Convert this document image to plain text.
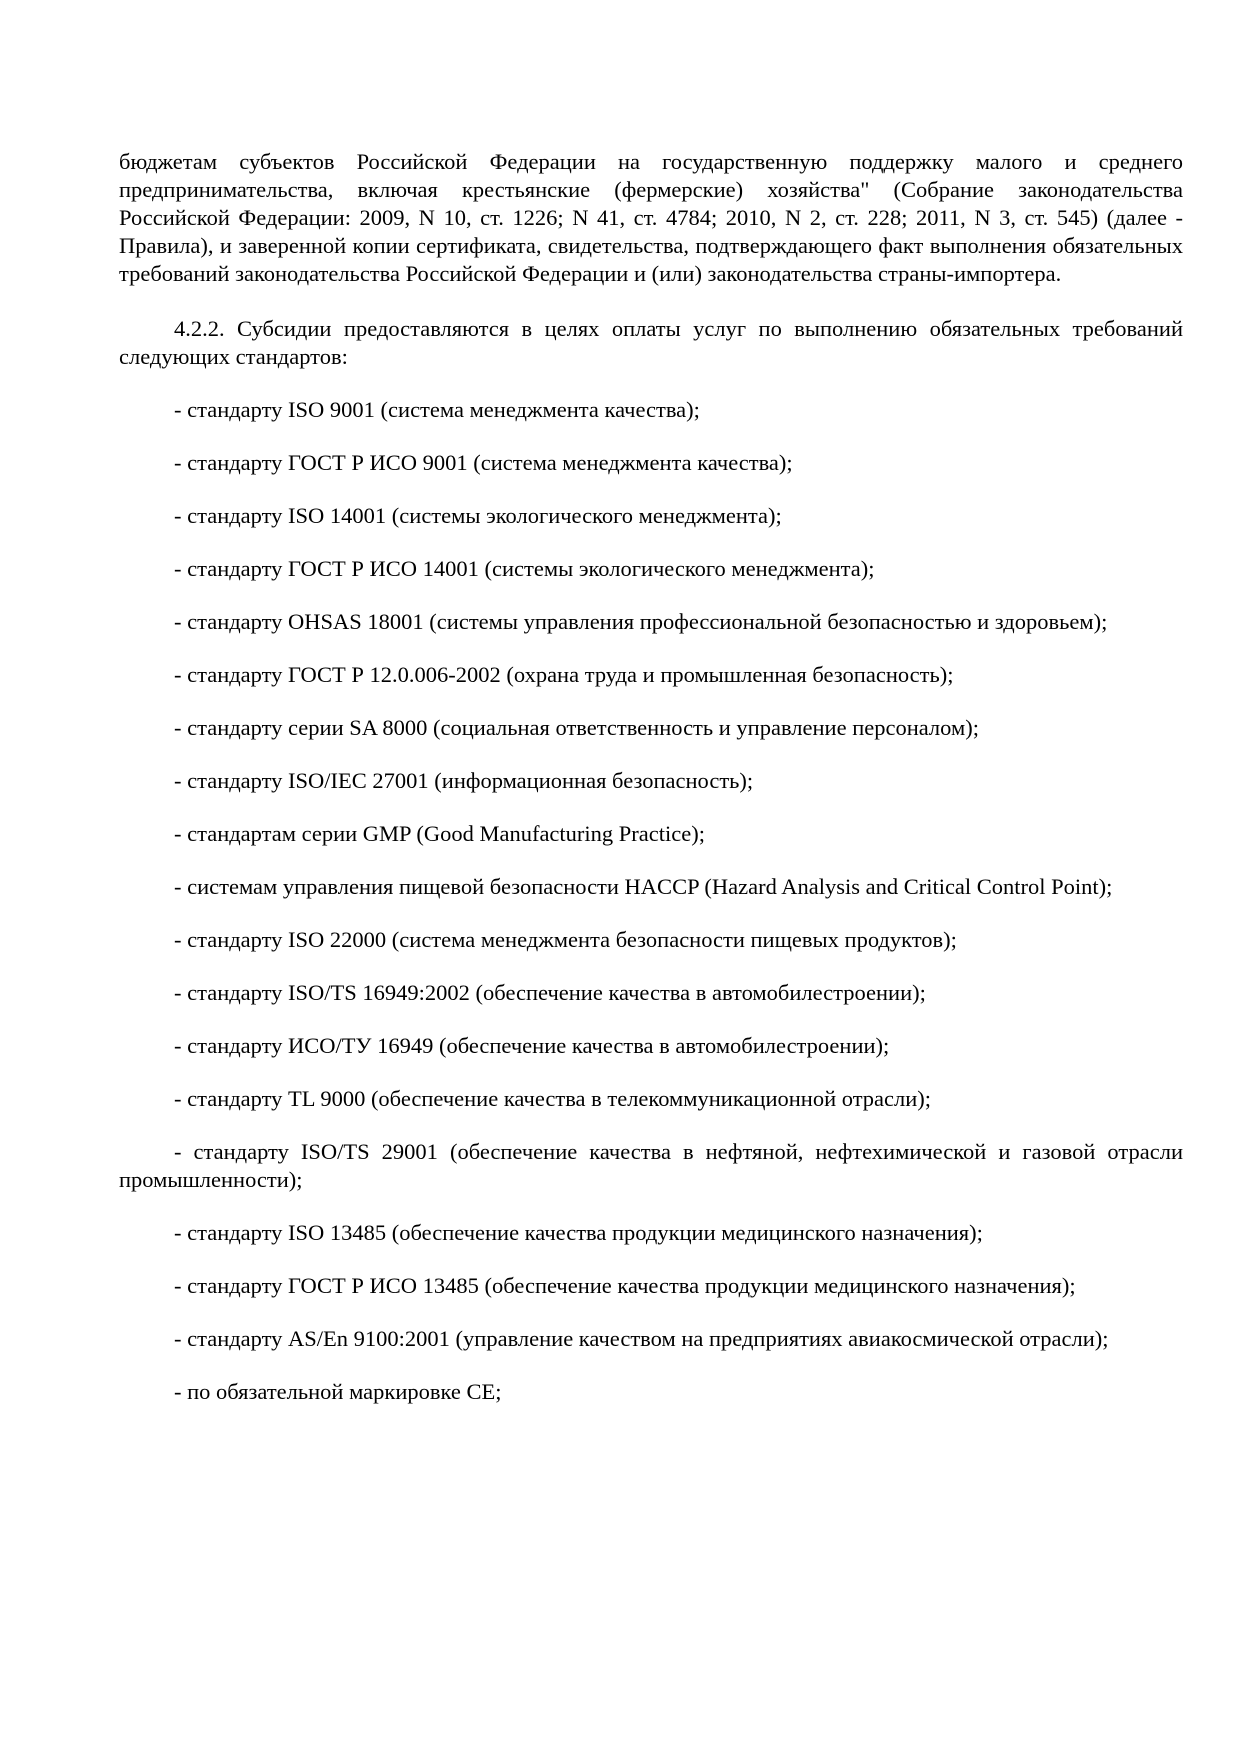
бюджетам субъектов Российской Федерации на государственную поддержку малого и среднего предпринимательства, включая крестьянские (фермерские) хозяйства" (Собрание законодательства Российской Федерации: 2009, N 10, ст. 1226; N 41, ст. 4784; 2010, N 2, ст. 228; 2011, N 3, ст. 545) (далее - Правила), и заверенной копии сертификата, свидетельства, подтверждающего факт выполнения обязательных требований законодательства Российской Федерации и (или) законодательства страны-импортера.

4.2.2. Субсидии предоставляются в целях оплаты услуг по выполнению обязательных требований следующих стандартов:

- стандарту ISO 9001 (система менеджмента качества);

- стандарту ГОСТ Р ИСО 9001 (система менеджмента качества);

- стандарту ISO 14001 (системы экологического менеджмента);

- стандарту ГОСТ Р ИСО 14001 (системы экологического менеджмента);

- стандарту OHSAS 18001 (системы управления профессиональной безопасностью и здоровьем);

- стандарту ГОСТ Р 12.0.006-2002 (охрана труда и промышленная безопасность);

- стандарту серии SA 8000 (социальная ответственность и управление персоналом);

- стандарту ISO/IEC 27001 (информационная безопасность);

- стандартам серии GMP (Good Manufacturing Practice);

- системам управления пищевой безопасности HACCP (Hazard Analysis and Critical Control Point);

- стандарту ISO 22000 (система менеджмента безопасности пищевых продуктов);

- стандарту ISO/TS 16949:2002 (обеспечение качества в автомобилестроении);

- стандарту ИСО/ТУ 16949 (обеспечение качества в автомобилестроении);

- стандарту TL 9000 (обеспечение качества в телекоммуникационной отрасли);

- стандарту ISO/TS 29001 (обеспечение качества в нефтяной, нефтехимической и газовой отрасли промышленности);

- стандарту ISO 13485 (обеспечение качества продукции медицинского назначения);

- стандарту ГОСТ Р ИСО 13485 (обеспечение качества продукции медицинского назначения);

- стандарту AS/En 9100:2001 (управление качеством на предприятиях авиакосмической отрасли);

- по обязательной маркировке CE;
